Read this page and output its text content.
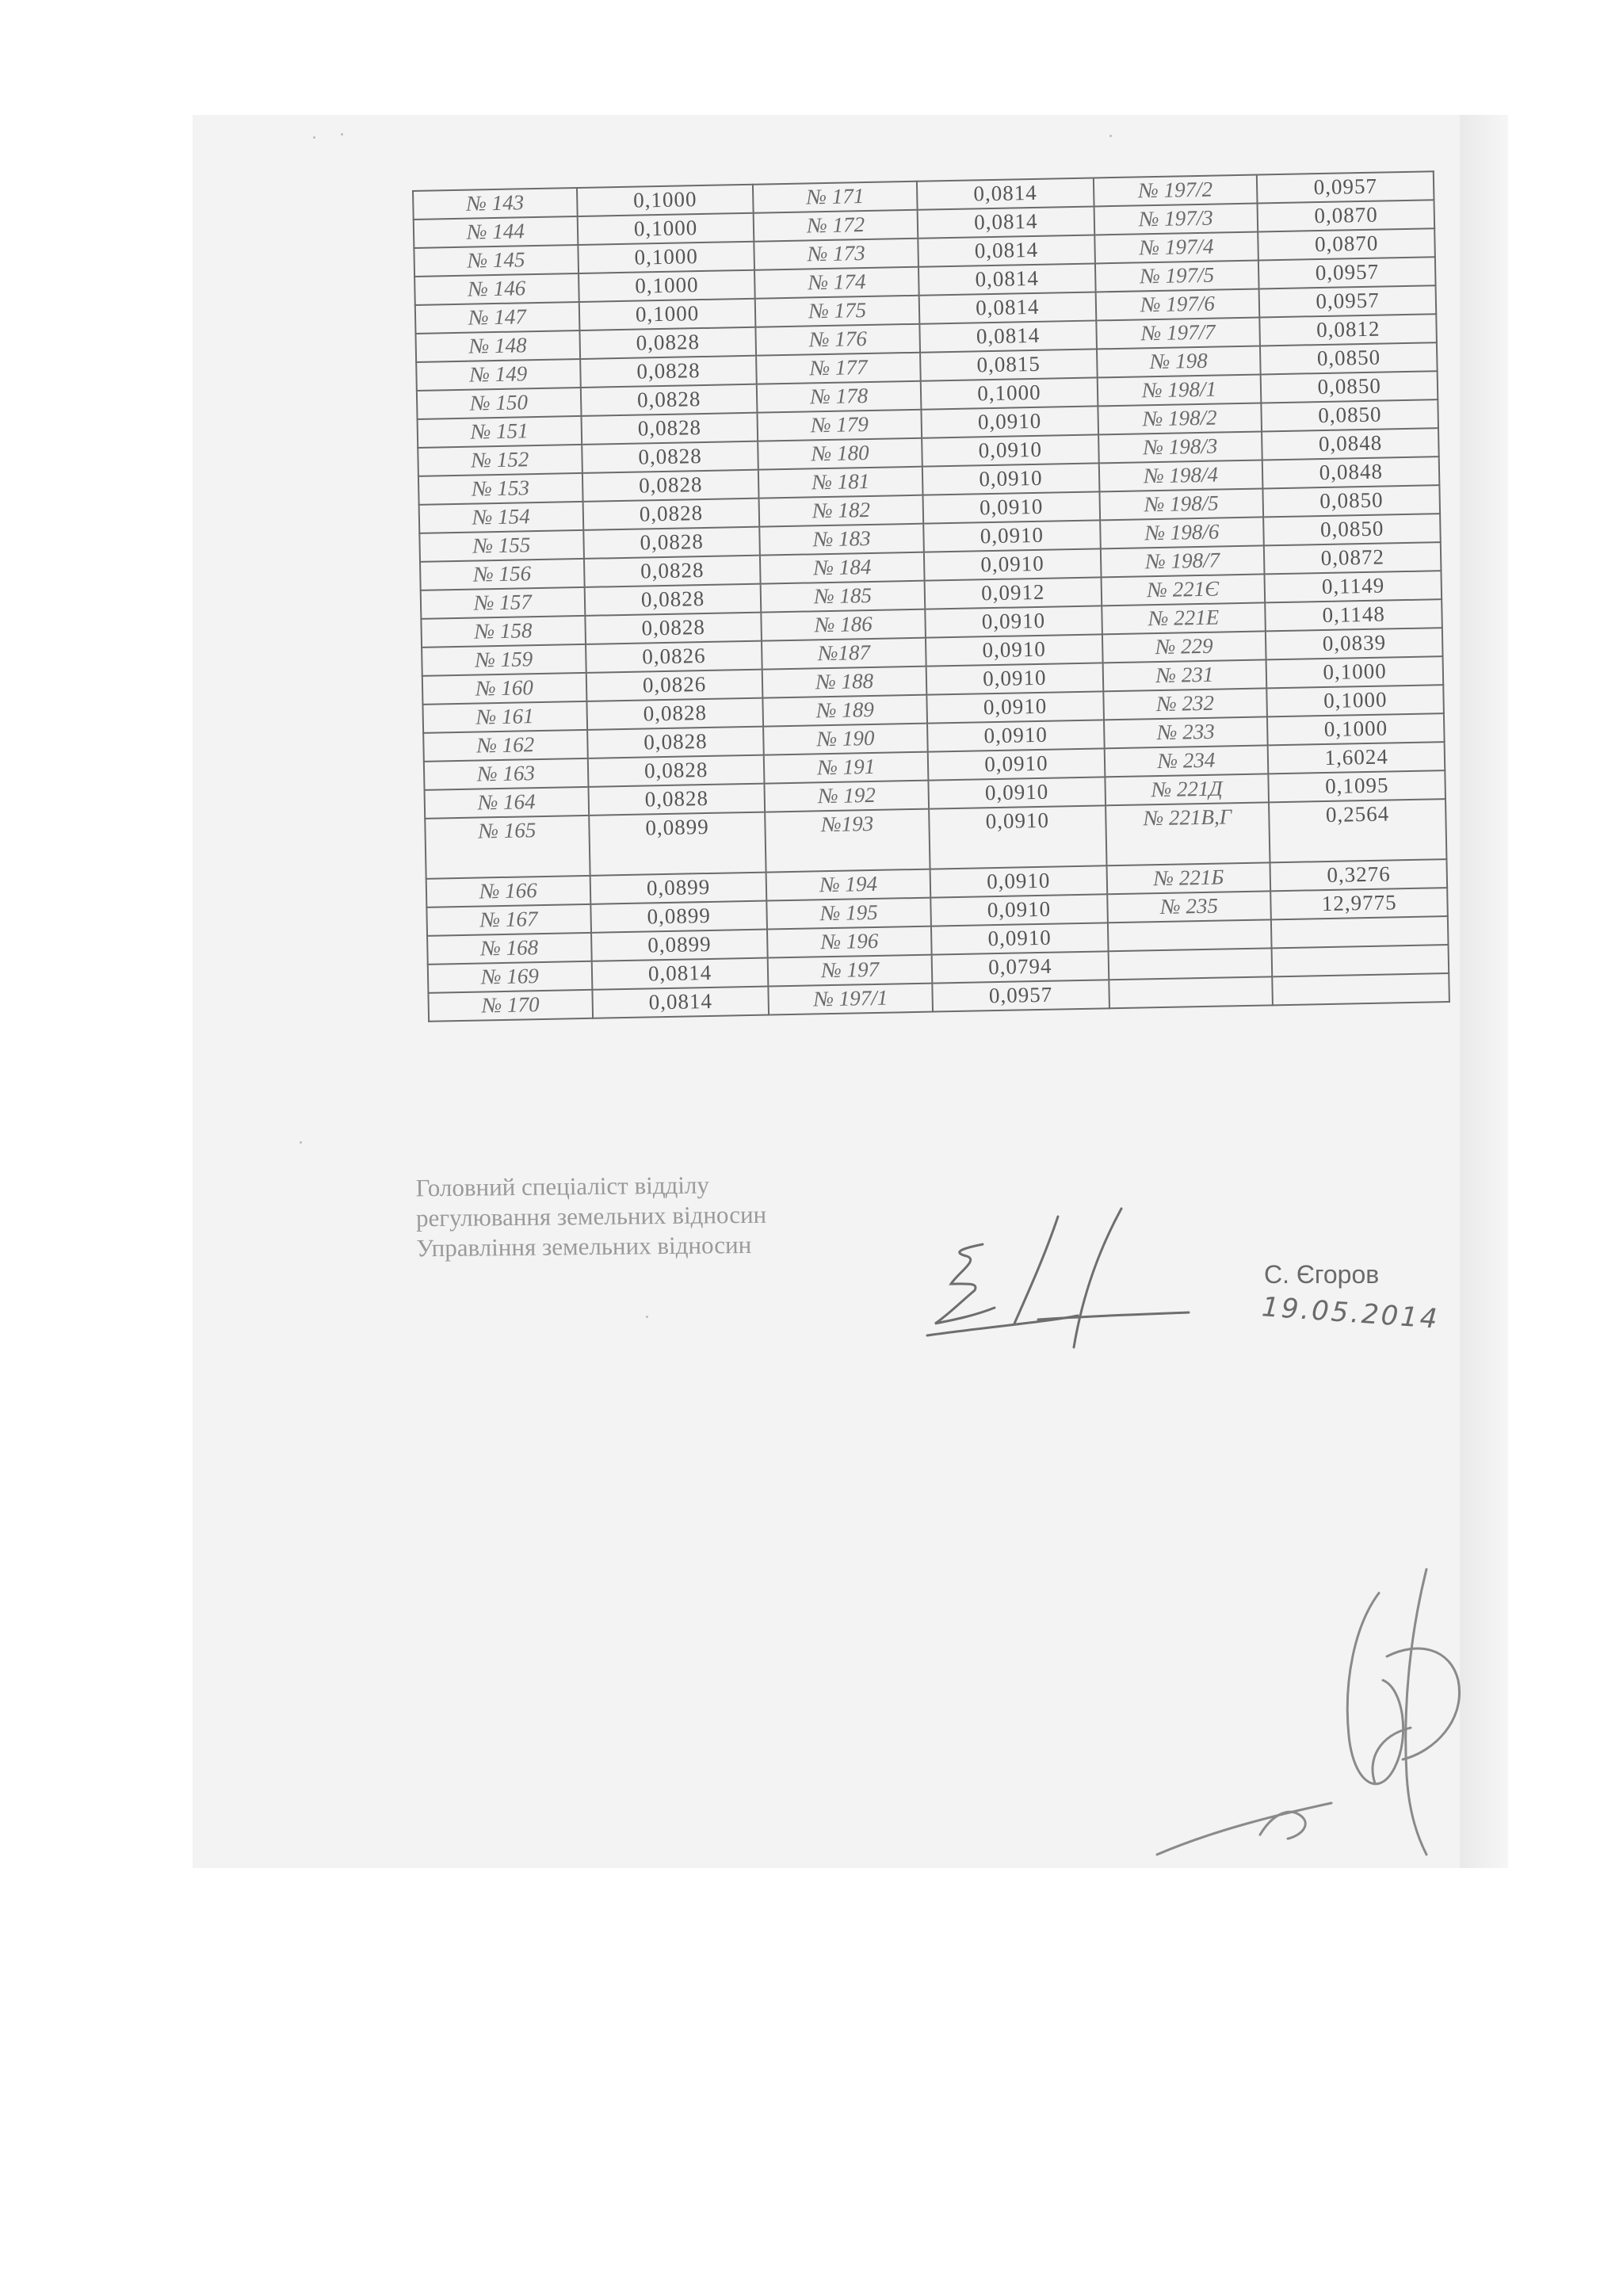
№ 143	0,1000	№ 171	0,0814	№ 197/2	0,0957
№ 144	0,1000	№ 172	0,0814	№ 197/3	0,0870
№ 145	0,1000	№ 173	0,0814	№ 197/4	0,0870
№ 146	0,1000	№ 174	0,0814	№ 197/5	0,0957
№ 147	0,1000	№ 175	0,0814	№ 197/6	0,0957
№ 148	0,0828	№ 176	0,0814	№ 197/7	0,0812
№ 149	0,0828	№ 177	0,0815	№ 198	0,0850
№ 150	0,0828	№ 178	0,1000	№ 198/1	0,0850
№ 151	0,0828	№ 179	0,0910	№ 198/2	0,0850
№ 152	0,0828	№ 180	0,0910	№ 198/3	0,0848
№ 153	0,0828	№ 181	0,0910	№ 198/4	0,0848
№ 154	0,0828	№ 182	0,0910	№ 198/5	0,0850
№ 155	0,0828	№ 183	0,0910	№ 198/6	0,0850
№ 156	0,0828	№ 184	0,0910	№ 198/7	0,0872
№ 157	0,0828	№ 185	0,0912	№ 221Є	0,1149
№ 158	0,0828	№ 186	0,0910	№ 221Е	0,1148
№ 159	0,0826	№187	0,0910	№ 229	0,0839
№ 160	0,0826	№ 188	0,0910	№ 231	0,1000
№ 161	0,0828	№ 189	0,0910	№ 232	0,1000
№ 162	0,0828	№ 190	0,0910	№ 233	0,1000
№ 163	0,0828	№ 191	0,0910	№ 234	1,6024
№ 164	0,0828	№ 192	0,0910	№ 221Д	0,1095
№ 165	0,0899	№193	0,0910	№ 221В,Г	0,2564
№ 166	0,0899	№ 194	0,0910	№ 221Б	0,3276
№ 167	0,0899	№ 195	0,0910	№ 235	12,9775
№ 168	0,0899	№ 196	0,0910		
№ 169	0,0814	№ 197	0,0794		
№ 170	0,0814	№ 197/1	0,0957		
Головний спеціаліст відділу
регулювання земельних відносин
Управління земельних відносин
С. Єгоров
19.05.2014
